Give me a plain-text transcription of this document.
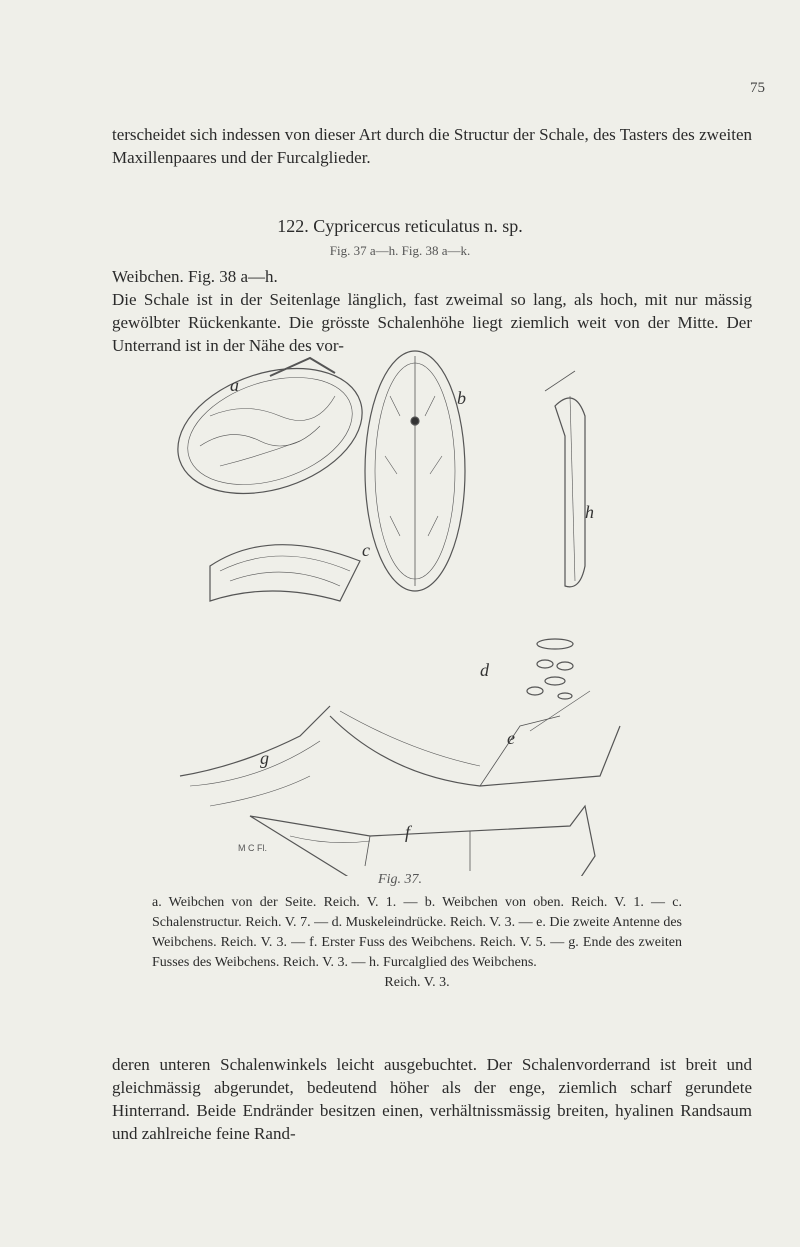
75
terscheidet sich indessen von dieser Art durch die Structur der Schale, des Tasters des zweiten Maxillenpaares und der Furcalglieder.
122. Cypricercus reticulatus n. sp.
Fig. 37 a—h. Fig. 38 a—k.
Weibchen. Fig. 38 a—h.
Die Schale ist in der Seitenlage länglich, fast zweimal so lang, als hoch, mit nur mässig gewölbter Rückenkante. Die grösste Schalenhöhe liegt ziemlich weit von der Mitte. Der Unterrand ist in der Nähe des vor-
a
b
h
c
d
e
g
f
M C Fl.
Fig. 37.
a. Weibchen von der Seite. Reich. V. 1. — b. Weibchen von oben. Reich. V. 1. — c. Schalenstructur. Reich. V. 7. — d. Muskeleindrücke. Reich. V. 3. — e. Die zweite Antenne des Weibchens. Reich. V. 3. — f. Erster Fuss des Weibchens. Reich. V. 5. — g. Ende des zweiten Fusses des Weibchens. Reich. V. 3. — h. Furcalglied des Weibchens.
Reich. V. 3.
deren unteren Schalenwinkels leicht ausgebuchtet. Der Schalenvorderrand ist breit und gleichmässig abgerundet, bedeutend höher als der enge, ziemlich scharf gerundete Hinterrand. Beide Endränder besitzen einen, verhältnissmässig breiten, hyalinen Randsaum und zahlreiche feine Rand-
